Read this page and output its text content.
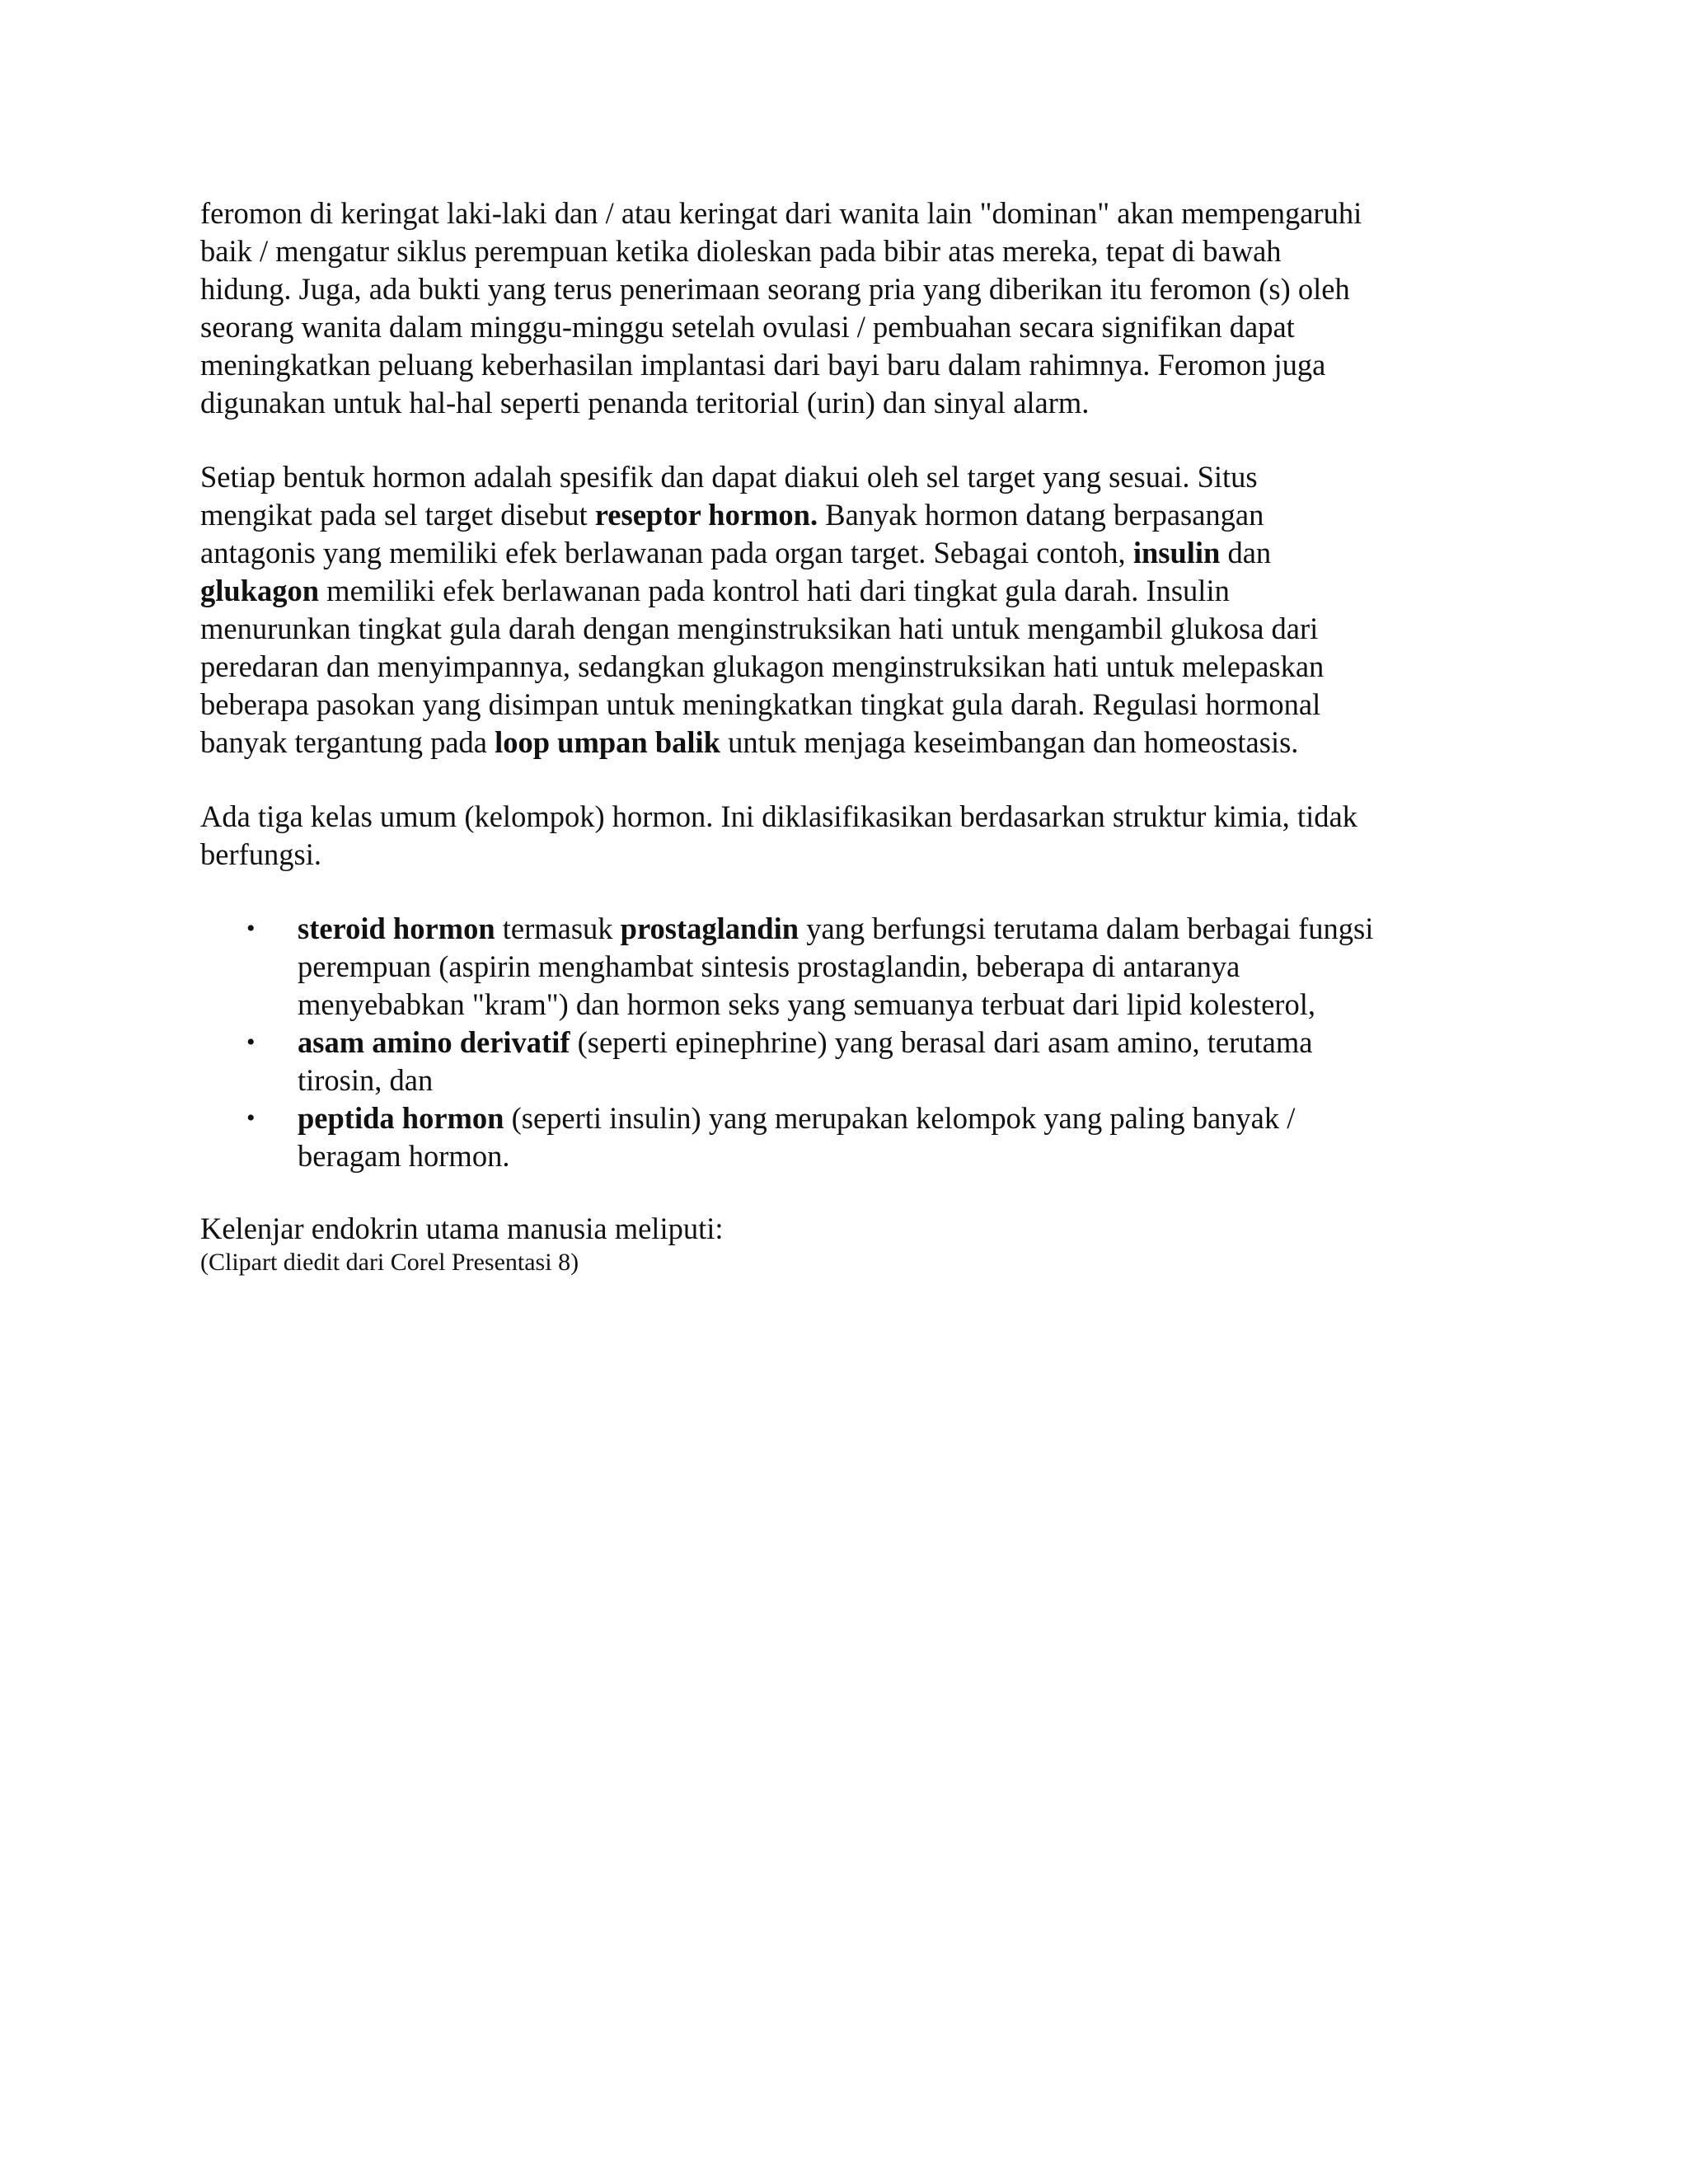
feromon di keringat laki-laki dan / atau keringat dari wanita lain "dominan" akan mempengaruhi
baik / mengatur siklus perempuan ketika dioleskan pada bibir atas mereka, tepat di bawah
hidung. Juga, ada bukti yang terus penerimaan seorang pria yang diberikan itu feromon (s) oleh
seorang wanita dalam minggu-minggu setelah ovulasi / pembuahan secara signifikan dapat
meningkatkan peluang keberhasilan implantasi dari bayi baru dalam rahimnya. Feromon juga
digunakan untuk hal-hal seperti penanda teritorial (urin) dan sinyal alarm.
Setiap bentuk hormon adalah spesifik dan dapat diakui oleh sel target yang sesuai. Situs
mengikat pada sel target disebut reseptor hormon. Banyak hormon datang berpasangan
antagonis yang memiliki efek berlawanan pada organ target. Sebagai contoh, insulin dan
glukagon memiliki efek berlawanan pada kontrol hati dari tingkat gula darah. Insulin
menurunkan tingkat gula darah dengan menginstruksikan hati untuk mengambil glukosa dari
peredaran dan menyimpannya, sedangkan glukagon menginstruksikan hati untuk melepaskan
beberapa pasokan yang disimpan untuk meningkatkan tingkat gula darah. Regulasi hormonal
banyak tergantung pada loop umpan balik untuk menjaga keseimbangan dan homeostasis.
Ada tiga kelas umum (kelompok) hormon. Ini diklasifikasikan berdasarkan struktur kimia, tidak
berfungsi.
•	steroid hormon termasuk prostaglandin yang berfungsi terutama dalam berbagai fungsi
perempuan (aspirin menghambat sintesis prostaglandin, beberapa di antaranya
menyebabkan "kram") dan hormon seks yang semuanya terbuat dari lipid kolesterol,
•	asam amino derivatif (seperti epinephrine) yang berasal dari asam amino, terutama
tirosin, dan
•	peptida hormon (seperti insulin) yang merupakan kelompok yang paling banyak /
beragam hormon.
Kelenjar endokrin utama manusia meliputi:
(Clipart diedit dari Corel Presentasi 8)
